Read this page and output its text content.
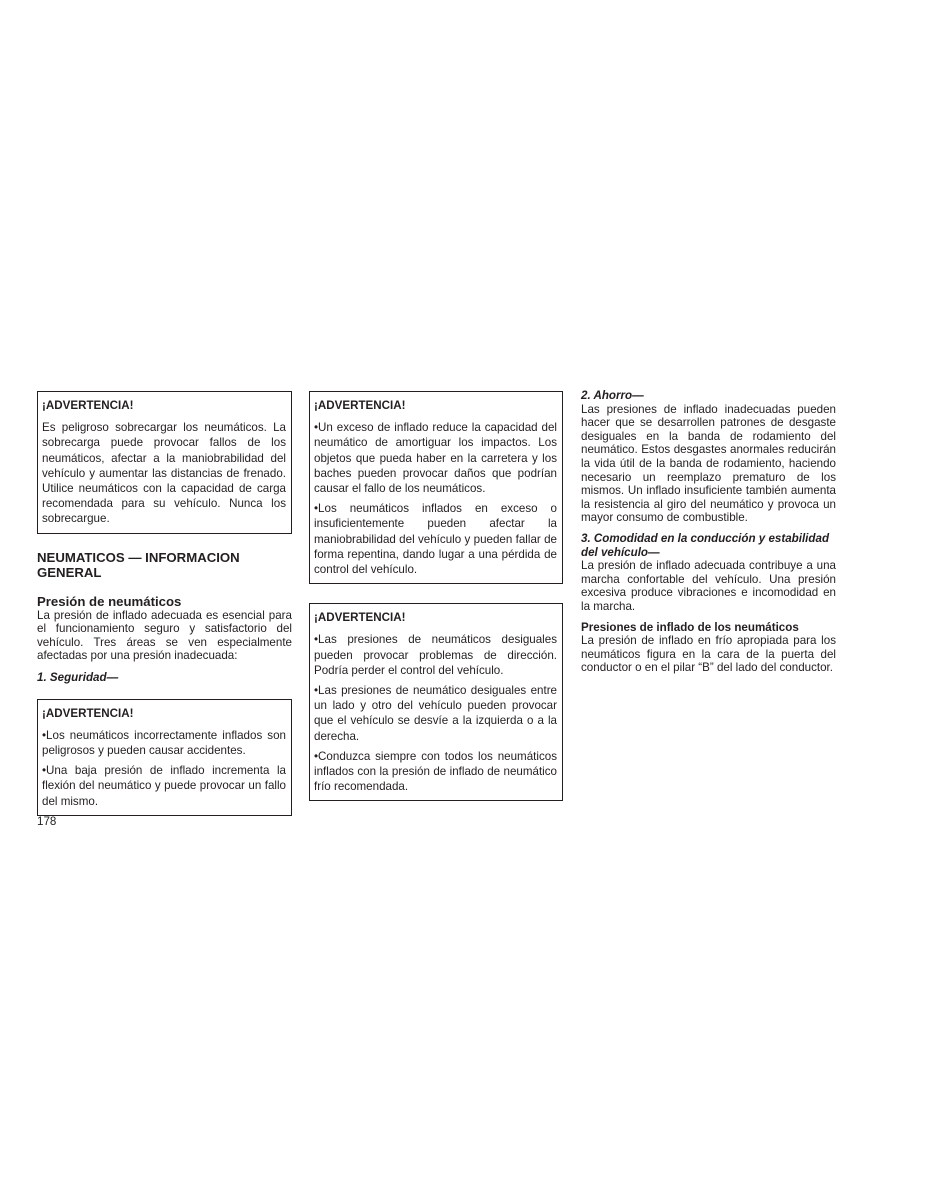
¡ADVERTENCIA!

Es peligroso sobrecargar los neumáticos. La sobrecarga puede provocar fallos de los neumáticos, afectar a la maniobrabilidad del vehículo y aumentar las distancias de frenado. Utilice neumáticos con la capacidad de carga recomendada para su vehículo. Nunca los sobrecargue.

NEUMATICOS — INFORMACION GENERAL
Presión de neumáticos

La presión de inflado adecuada es esencial para el funcionamiento seguro y satisfactorio del vehículo. Tres áreas se ven especialmente afectadas por una presión inadecuada:

1. Seguridad—

¡ADVERTENCIA!

•Los neumáticos incorrectamente inflados son peligrosos y pueden causar accidentes.

•Una baja presión de inflado incrementa la flexión del neumático y puede provocar un fallo del mismo.

¡ADVERTENCIA!

•Un exceso de inflado reduce la capacidad del neumático de amortiguar los impactos. Los objetos que pueda haber en la carretera y los baches pueden provocar daños que podrían causar el fallo de los neumáticos.

•Los neumáticos inflados en exceso o insuficientemente pueden afectar la maniobrabilidad del vehículo y pueden fallar de forma repentina, dando lugar a una pérdida de control del vehículo.

¡ADVERTENCIA!

•Las presiones de neumáticos desiguales pueden provocar problemas de dirección. Podría perder el control del vehículo.

•Las presiones de neumático desiguales entre un lado y otro del vehículo pueden provocar que el vehículo se desvíe a la izquierda o a la derecha.

•Conduzca siempre con todos los neumáticos inflados con la presión de inflado de neumático frío recomendada.

2. Ahorro—

Las presiones de inflado inadecuadas pueden hacer que se desarrollen patrones de desgaste desiguales en la banda de rodamiento del neumático. Estos desgastes anormales reducirán la vida útil de la banda de rodamiento, haciendo necesario un reemplazo prematuro de los mismos. Un inflado insuficiente también aumenta la resistencia al giro del neumático y provoca un mayor consumo de combustible.

3. Comodidad en la conducción y estabilidad del vehículo—

La presión de inflado adecuada contribuye a una marcha confortable del vehículo. Una presión excesiva produce vibraciones e incomodidad en la marcha.

Presiones de inflado de los neumáticos

La presión de inflado en frío apropiada para los neumáticos figura en la cara de la puerta del conductor o en el pilar “B” del lado del conductor.

178
